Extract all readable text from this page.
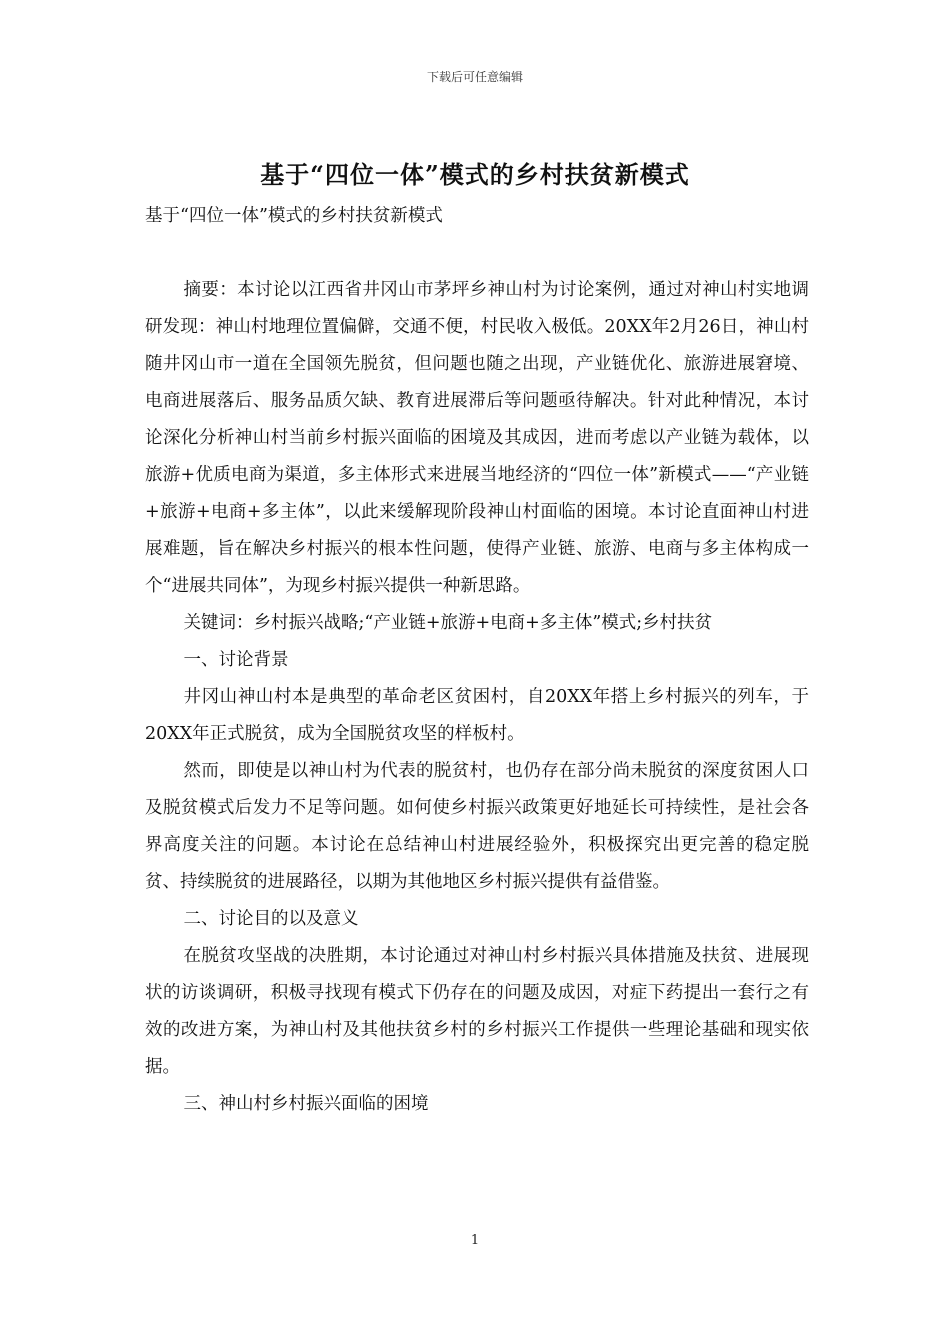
下载后可任意编辑
基于“四位一体”模式的乡村扶贫新模式

基于“四位一体”模式的乡村扶贫新模式

摘要：本讨论以江西省井冈山市茅坪乡神山村为讨论案例，通过对神山村实地调研发现：神山村地理位置偏僻，交通不便，村民收入极低。20XX年2月26日，神山村随井冈山市一道在全国领先脱贫，但问题也随之出现，产业链优化、旅游进展窘境、电商进展落后、服务品质欠缺、教育进展滞后等问题亟待解决。针对此种情况，本讨论深化分析神山村当前乡村振兴面临的困境及其成因，进而考虑以产业链为载体，以旅游+优质电商为渠道，多主体形式来进展当地经济的“四位一体”新模式——“产业链+旅游+电商+多主体”，以此来缓解现阶段神山村面临的困境。本讨论直面神山村进展难题，旨在解决乡村振兴的根本性问题，使得产业链、旅游、电商与多主体构成一个“进展共同体”，为现乡村振兴提供一种新思路。

关键词：乡村振兴战略;“产业链+旅游+电商+多主体”模式;乡村扶贫

一、讨论背景

井冈山神山村本是典型的革命老区贫困村，自20XX年搭上乡村振兴的列车，于20XX年正式脱贫，成为全国脱贫攻坚的样板村。

然而，即使是以神山村为代表的脱贫村，也仍存在部分尚未脱贫的深度贫困人口及脱贫模式后发力不足等问题。如何使乡村振兴政策更好地延长可持续性，是社会各界高度关注的问题。本讨论在总结神山村进展经验外，积极探究出更完善的稳定脱贫、持续脱贫的进展路径，以期为其他地区乡村振兴提供有益借鉴。

二、讨论目的以及意义

在脱贫攻坚战的决胜期，本讨论通过对神山村乡村振兴具体措施及扶贫、进展现状的访谈调研，积极寻找现有模式下仍存在的问题及成因，对症下药提出一套行之有效的改进方案，为神山村及其他扶贫乡村的乡村振兴工作提供一些理论基础和现实依据。

三、神山村乡村振兴面临的困境

1
